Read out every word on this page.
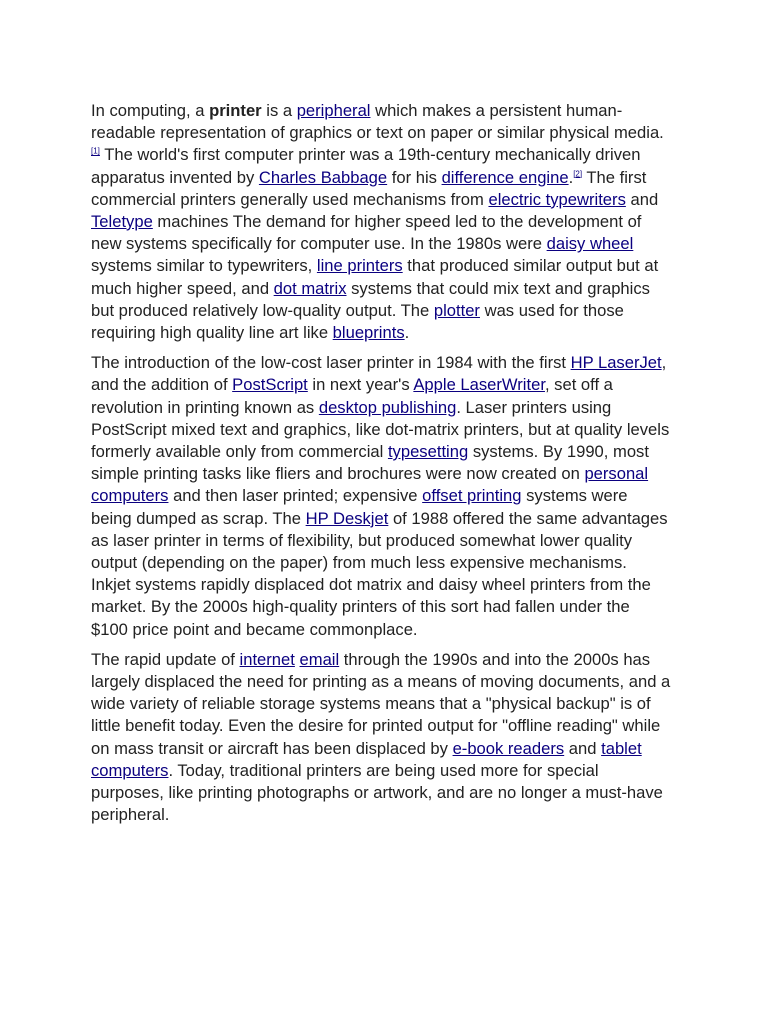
In computing, a printer is a peripheral which makes a persistent human-readable representation of graphics or text on paper or similar physical media.[1] The world's first computer printer was a 19th-century mechanically driven apparatus invented by Charles Babbage for his difference engine.[2] The first commercial printers generally used mechanisms from electric typewriters and Teletype machines The demand for higher speed led to the development of new systems specifically for computer use. In the 1980s were daisy wheel systems similar to typewriters, line printers that produced similar output but at much higher speed, and dot matrix systems that could mix text and graphics but produced relatively low-quality output. The plotter was used for those requiring high quality line art like blueprints.

The introduction of the low-cost laser printer in 1984 with the first HP LaserJet, and the addition of PostScript in next year's Apple LaserWriter, set off a revolution in printing known as desktop publishing. Laser printers using PostScript mixed text and graphics, like dot-matrix printers, but at quality levels formerly available only from commercial typesetting systems. By 1990, most simple printing tasks like fliers and brochures were now created on personal computers and then laser printed; expensive offset printing systems were being dumped as scrap. The HP Deskjet of 1988 offered the same advantages as laser printer in terms of flexibility, but produced somewhat lower quality output (depending on the paper) from much less expensive mechanisms. Inkjet systems rapidly displaced dot matrix and daisy wheel printers from the market. By the 2000s high-quality printers of this sort had fallen under the $100 price point and became commonplace.

The rapid update of internet email through the 1990s and into the 2000s has largely displaced the need for printing as a means of moving documents, and a wide variety of reliable storage systems means that a "physical backup" is of little benefit today. Even the desire for printed output for "offline reading" while on mass transit or aircraft has been displaced by e-book readers and tablet computers. Today, traditional printers are being used more for special purposes, like printing photographs or artwork, and are no longer a must-have peripheral.
